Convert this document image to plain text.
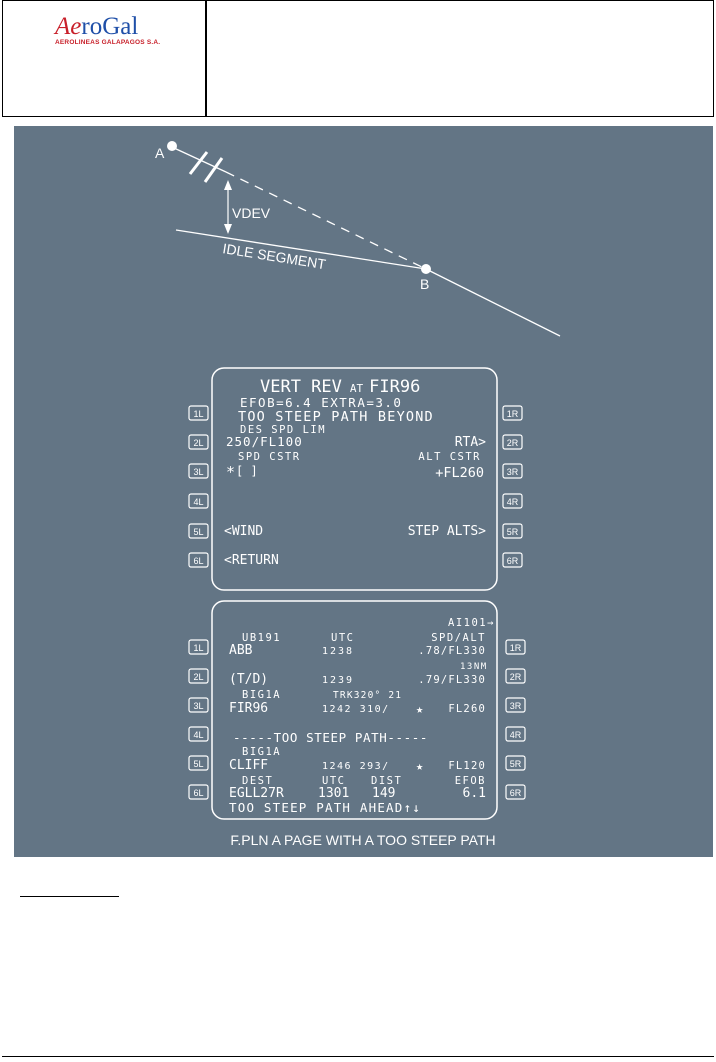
AeroGal
AEROLINEAS GALAPAGOS S.A.
A
B
VDEV
IDLE SEGMENT
VERT REV AT FIR96
EFOB=6.4 EXTRA=3.0
TOO STEEP PATH BEYOND
DES SPD LIM
250/FL100	RTA>
SPD CSTR	ALT CSTR
* [ ]	+FL260
<WIND	STEP ALTS>
<RETURN
AI101→
UB191	UTC	SPD/ALT
ABB	1238	.78/FL330
13NM
(T/D)	1239	.79/FL330
BIG1A	TRK320° 21
FIR96	1242 310/ ★ FL260
-----TOO STEEP PATH-----
BIG1A
CLIFF	1246 293/ ★ FL120
DEST	UTC DIST	EFOB
EGLL27R	1301 149	6.1
TOO STEEP PATH AHEAD↑↓
1L
2L
3L
4L
5L
6L
1R
2R
3R
4R
5R
6R
1L
2L
3L
4L
5L
6L
1R
2R
3R
4R
5R
6R
F.PLN A PAGE WITH A TOO STEEP PATH
